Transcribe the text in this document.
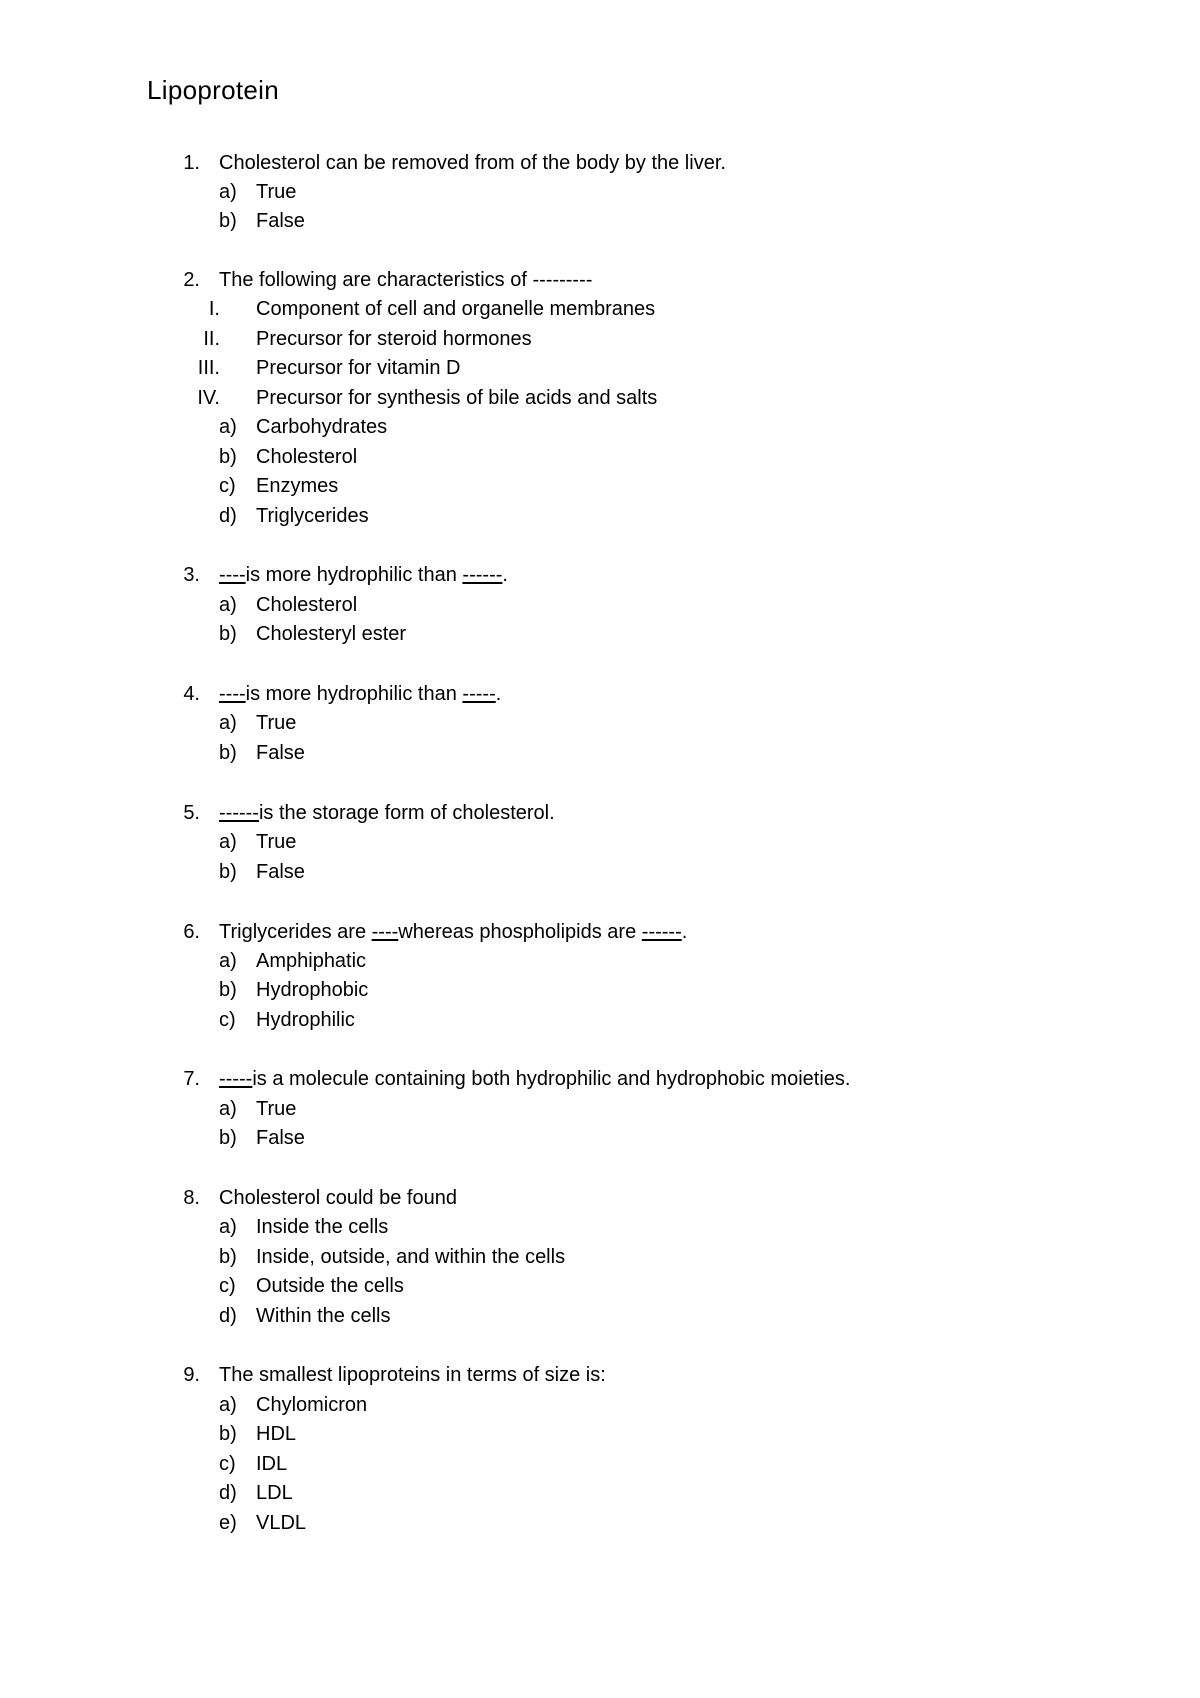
Lipoprotein
1. Cholesterol can be removed from of the body by the liver.
a) True
b) False
2. The following are characteristics of ---------
I. Component of cell and organelle membranes
II. Precursor for steroid hormones
III. Precursor for vitamin D
IV. Precursor for synthesis of bile acids and salts
a) Carbohydrates
b) Cholesterol
c) Enzymes
d) Triglycerides
3. ----is more hydrophilic than ------.
a) Cholesterol
b) Cholesteryl ester
4. ----is more hydrophilic than -----.
a) True
b) False
5. ------is the storage form of cholesterol.
a) True
b) False
6. Triglycerides are ----whereas phospholipids are ------.
a) Amphiphatic
b) Hydrophobic
c) Hydrophilic
7. -----is a molecule containing both hydrophilic and hydrophobic moieties.
a) True
b) False
8. Cholesterol could be found
a) Inside the cells
b) Inside, outside, and within the cells
c) Outside the cells
d) Within the cells
9. The smallest lipoproteins in terms of size is:
a) Chylomicron
b) HDL
c) IDL
d) LDL
e) VLDL
